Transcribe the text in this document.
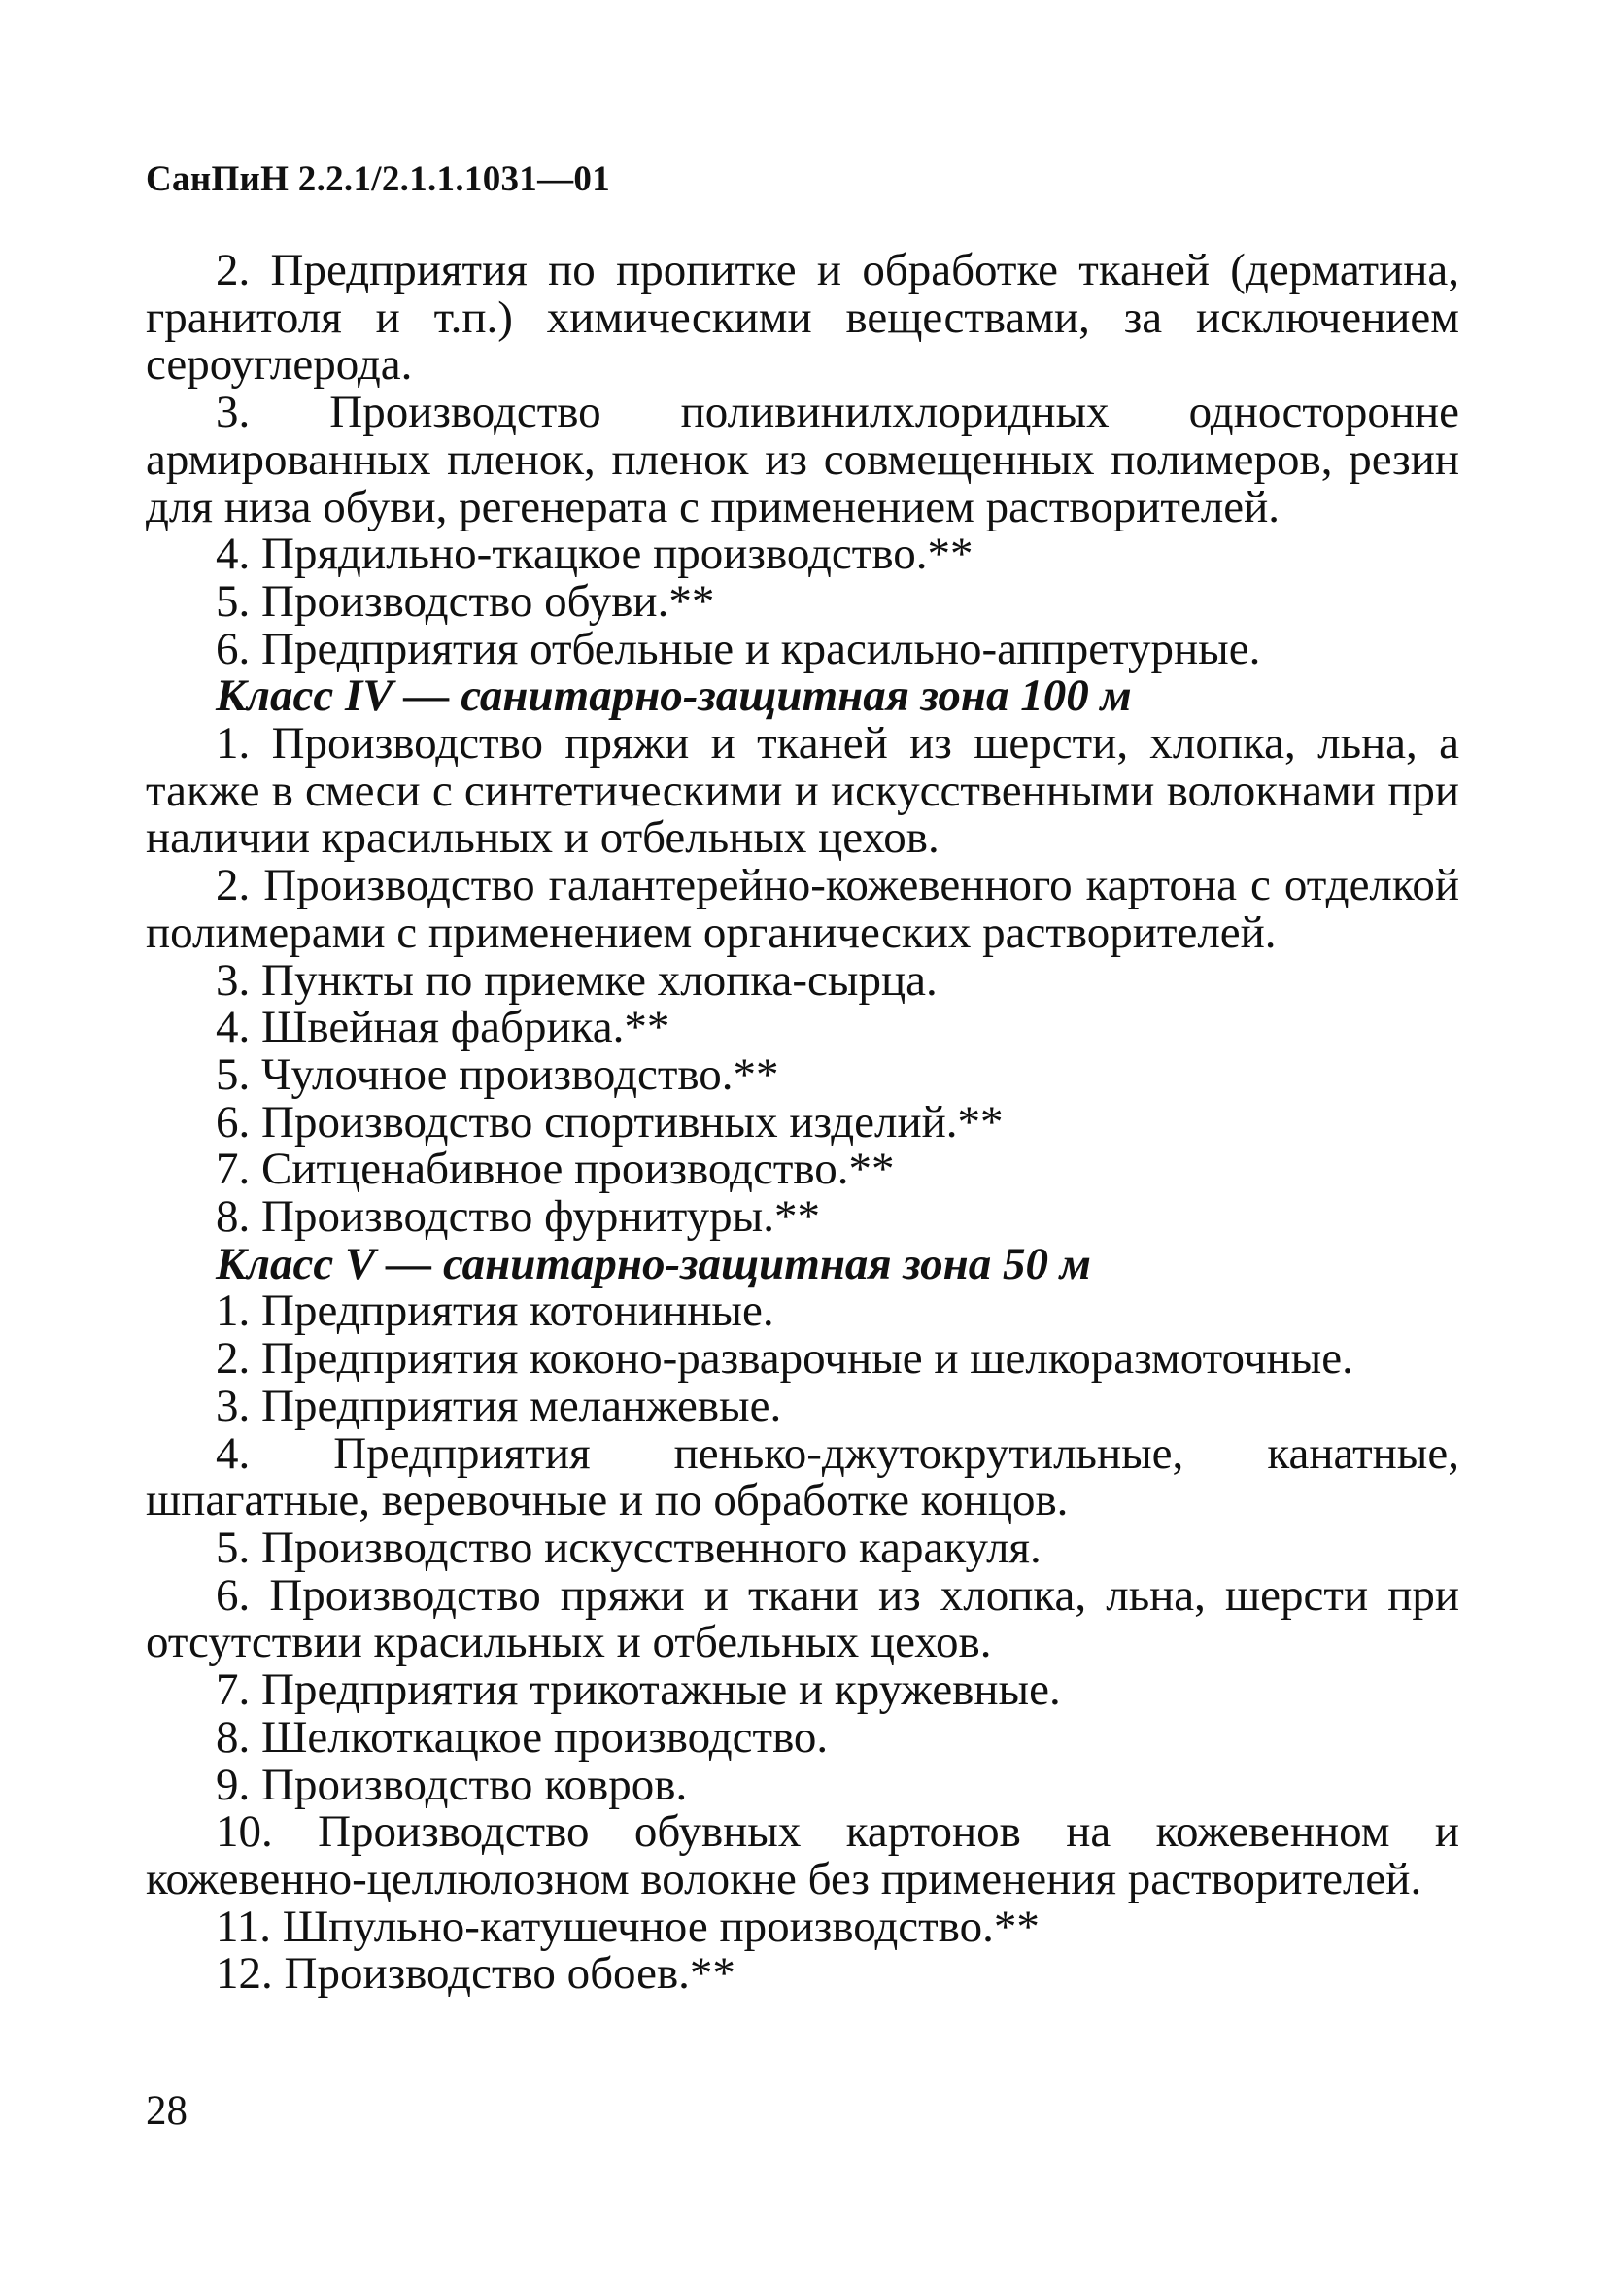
СанПиН 2.2.1/2.1.1.1031—01

2. Предприятия по пропитке и обработке тканей (дерматина, гранитоля и т.п.) химическими веществами, за исключением сероуглерода.

3. Производство поливинилхлоридных односторонне армированных пленок, пленок из совмещенных полимеров, резин для низа обуви, регенерата с применением растворителей.

4. Прядильно-ткацкое производство.**

5. Производство обуви.**

6. Предприятия отбельные и красильно-аппретурные.

Класс IV — санитарно-защитная зона 100 м

1. Производство пряжи и тканей из шерсти, хлопка, льна, а также в смеси с синтетическими и искусственными волокнами при наличии красильных и отбельных цехов.

2. Производство галантерейно-кожевенного картона с отделкой полимерами с применением органических растворителей.

3. Пункты по приемке хлопка-сырца.

4. Швейная фабрика.**

5. Чулочное производство.**

6. Производство спортивных изделий.**

7. Ситценабивное производство.**

8. Производство фурнитуры.**

Класс V — санитарно-защитная зона 50 м

1. Предприятия котонинные.

2. Предприятия коконо-разварочные и шелкоразмоточные.

3. Предприятия меланжевые.

4. Предприятия пенько-джутокрутильные, канатные, шпагатные, веревочные и по обработке концов.

5. Производство искусственного каракуля.

6. Производство пряжи и ткани из хлопка, льна, шерсти при отсутствии красильных и отбельных цехов.

7. Предприятия трикотажные и кружевные.

8. Шелкоткацкое производство.

9. Производство ковров.

10. Производство обувных картонов на кожевенном и кожевенно-целлюлозном волокне без применения растворителей.

11. Шпульно-катушечное производство.**

12. Производство обоев.**

28
